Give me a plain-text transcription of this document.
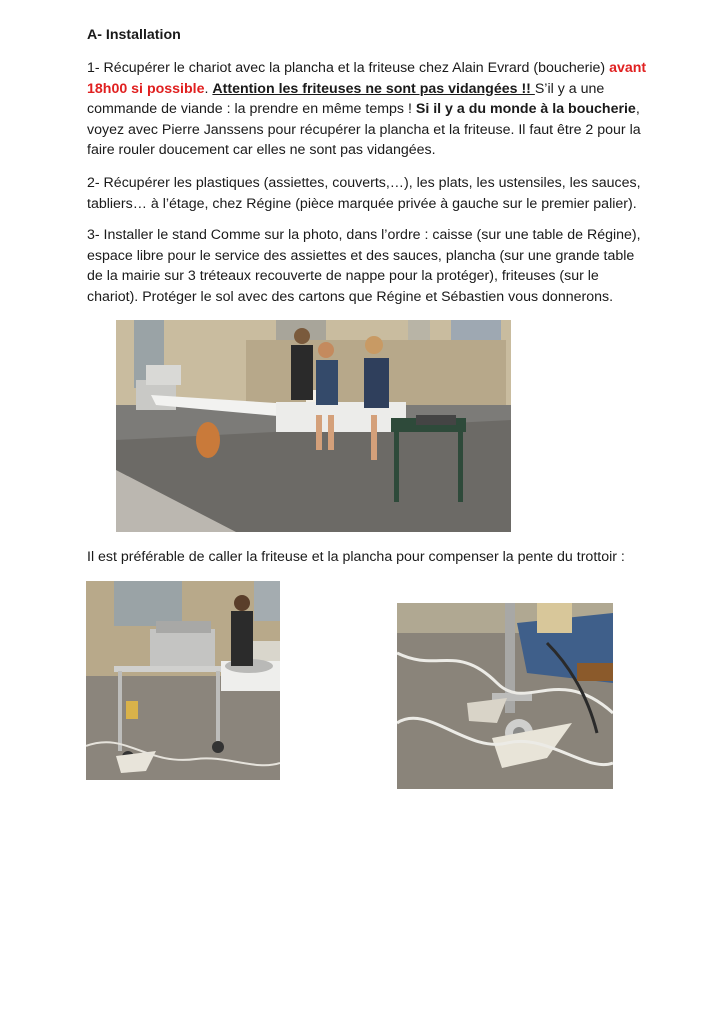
A- Installation
1- Récupérer le chariot avec la plancha et la friteuse chez Alain Evrard (boucherie) avant 18h00 si possible. Attention les friteuses ne sont pas vidangées !! S’il y a une commande de viande : la prendre en même temps ! Si il y a du monde à la boucherie, voyez avec Pierre Janssens pour récupérer la plancha et la friteuse. Il faut être 2 pour la faire rouler doucement car elles ne sont pas vidangées.
2- Récupérer les plastiques (assiettes, couverts,…), les plats, les ustensiles, les sauces, tabliers… à l’étage, chez Régine (pièce marquée privée à gauche sur le premier palier).
3- Installer le stand Comme sur la photo, dans l’ordre : caisse (sur une table de Régine), espace libre pour le service des assiettes et des sauces, plancha (sur une grande table de la mairie sur 3 tréteaux recouverte de nappe pour la protéger), friteuses (sur le chariot). Protéger le sol avec des cartons que Régine et Sébastien vous donnerons.
Il est préférable de caller la friteuse et la plancha pour compenser la pente du trottoir :
